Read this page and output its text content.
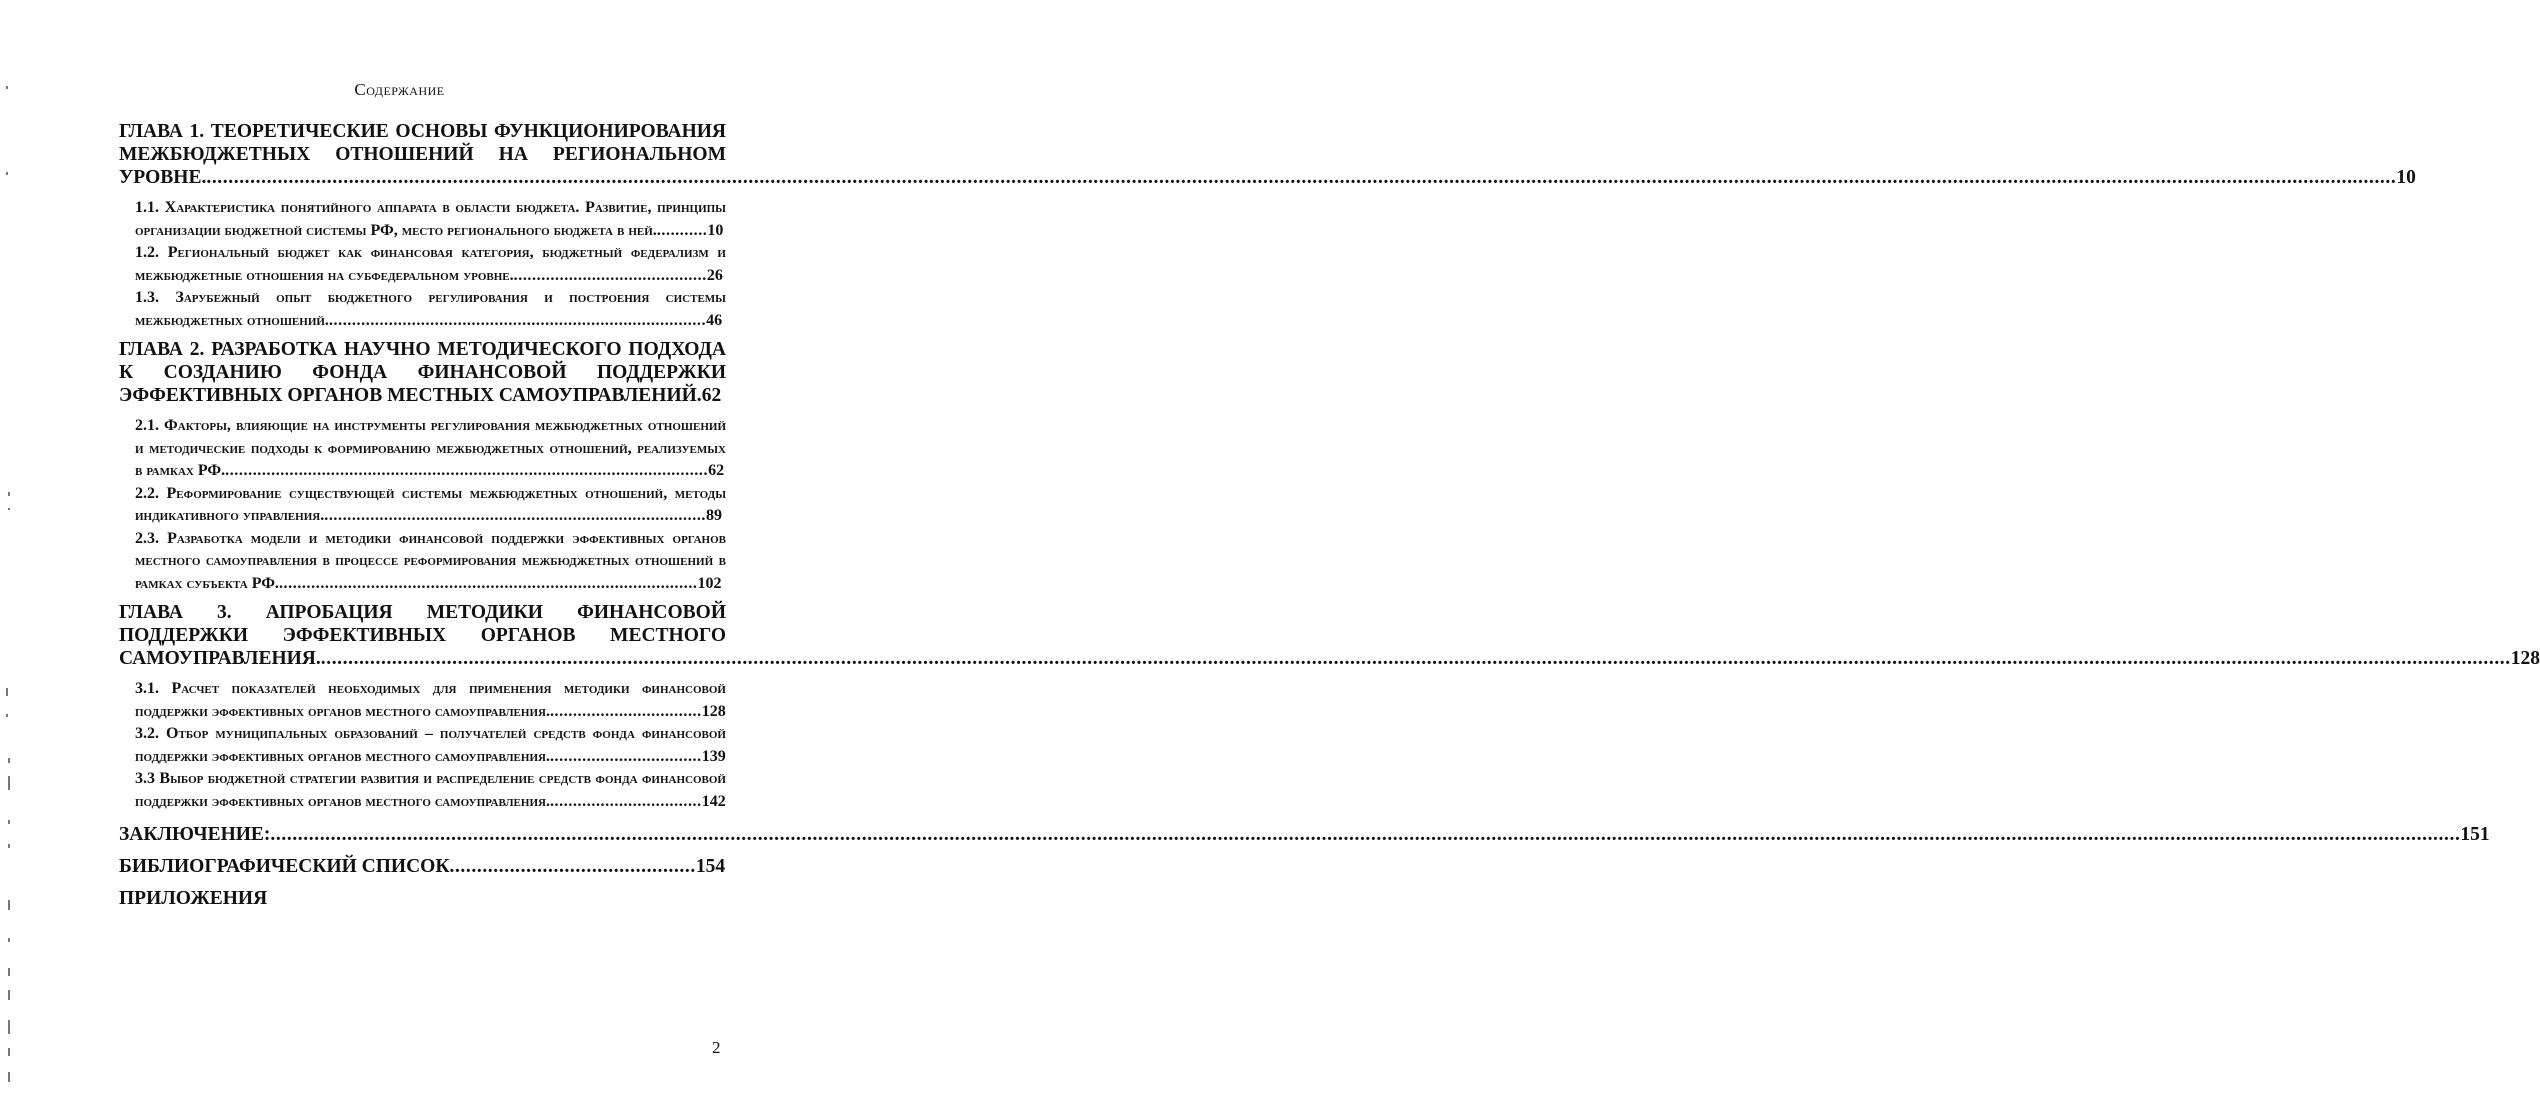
Содержание
ГЛАВА 1. ТЕОРЕТИЧЕСКИЕ ОСНОВЫ ФУНКЦИОНИРОВАНИЯ МЕЖБЮДЖЕТНЫХ ОТНОШЕНИЙ НА РЕГИОНАЛЬНОМ УРОВНЕ.................................................................................................................................................................................................................................................................................................................................................................................................................10
1.1. Характеристика понятийного аппарата в области бюджета. Развитие, принципы организации бюджетной системы РФ, место регионального бюджета в ней............10
1.2. Региональный бюджет как финансовая категория, бюджетный федерализм и межбюджетные отношения на субфедеральном уровне...........................................26
1.3. Зарубежный опыт бюджетного регулирования и построения системы межбюджетных отношений...................................................................................46
ГЛАВА 2. РАЗРАБОТКА НАУЧНО МЕТОДИЧЕСКОГО ПОДХОДА К СОЗДАНИЮ ФОНДА ФИНАНСОВОЙ ПОДДЕРЖКИ ЭФФЕКТИВНЫХ ОРГАНОВ МЕСТНЫХ САМОУПРАВЛЕНИЙ.62
2.1. Факторы, влияющие на инструменты регулирования межбюджетных отношений и методические подходы к формированию межбюджетных отношений, реализуемых в рамках РФ..........................................................................................................62
2.2. Реформирование существующей системы межбюджетных отношений, методы индикативного управления....................................................................................89
2.3. Разработка модели и методики финансовой поддержки эффективных органов местного самоуправления в процессе реформирования межбюджетных отношений в рамках субъекта РФ............................................................................................102
ГЛАВА 3. АПРОБАЦИЯ МЕТОДИКИ ФИНАНСОВОЙ ПОДДЕРЖКИ ЭФФЕКТИВНЫХ ОРГАНОВ МЕСТНОГО САМОУПРАВЛЕНИЯ.................................................................................................................................................................................................................................................................................................................................................................................................................128
3.1. Расчет показателей необходимых для применения методики финансовой поддержки эффективных органов местного самоуправления..................................128
3.2. Отбор муниципальных образований – получателей средств фонда финансовой поддержки эффективных органов местного самоуправления..................................139
3.3 Выбор бюджетной стратегии развития и распределение средств фонда финансовой поддержки эффективных органов местного самоуправления..................................142
ЗАКЛЮЧЕНИЕ:................................................................................................................................................................................................................................................................................................................................................................................................................151
БИБЛИОГРАФИЧЕСКИЙ СПИСОК.............................................154
ПРИЛОЖЕНИЯ
2
